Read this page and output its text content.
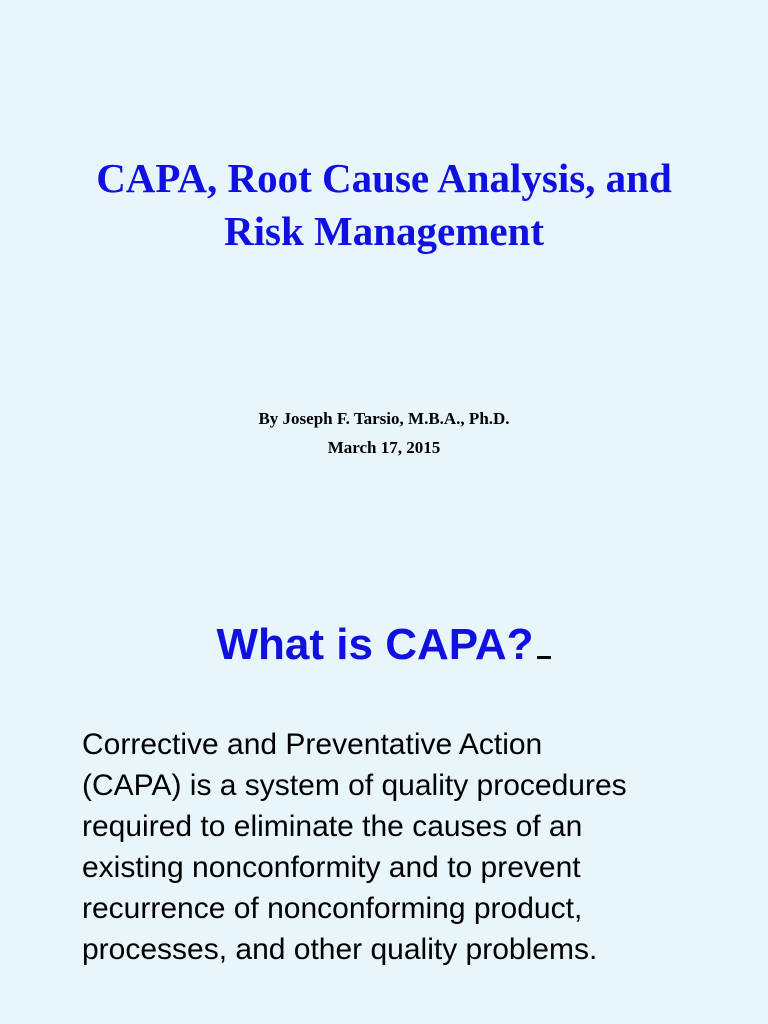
CAPA, Root Cause Analysis, and
Risk Management
By Joseph F. Tarsio, M.B.A., Ph.D.
March 17, 2015
What is CAPA?
Corrective and Preventative Action
(CAPA) is a system of quality procedures
required to eliminate the causes of an
existing nonconformity and to prevent
recurrence of nonconforming product,
processes, and other quality problems.
